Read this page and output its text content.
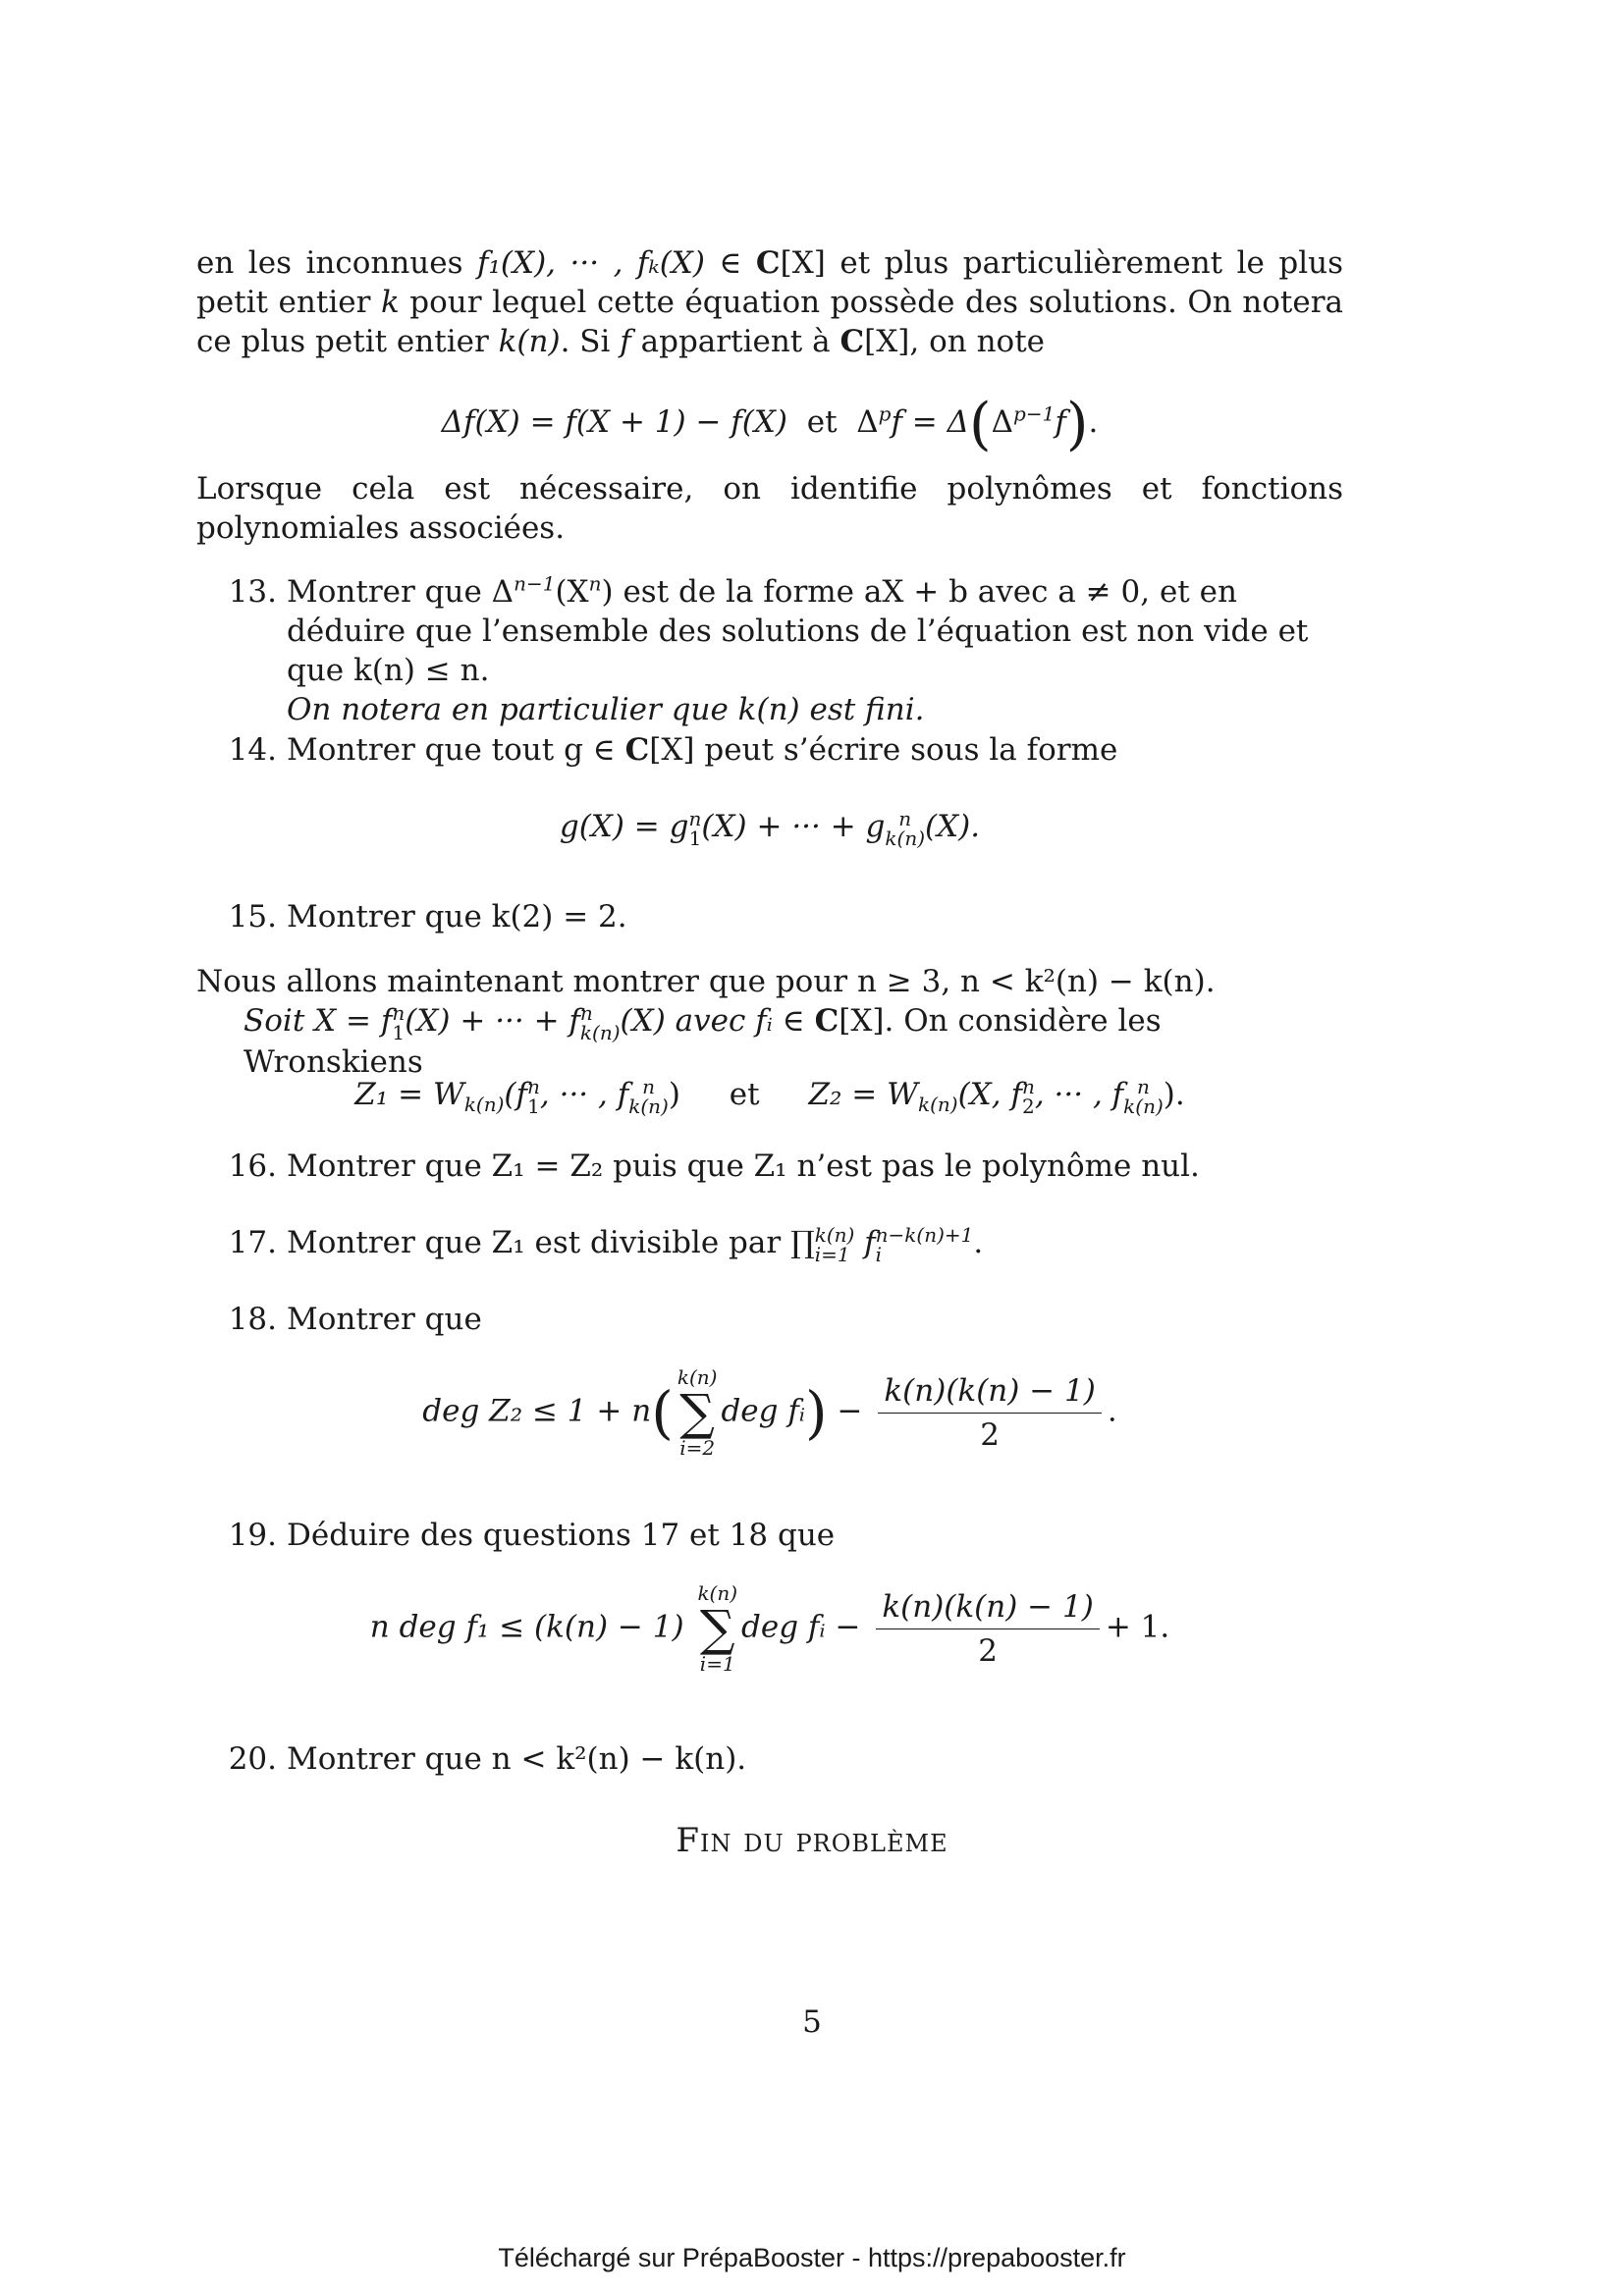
en les inconnues f₁(X), ··· , fₖ(X) ∈ C[X] et plus particulièrement le plus petit entier k pour lequel cette équation possède des solutions. On notera ce plus petit entier k(n). Si f appartient à C[X], on note
Δf(X) = f(X + 1) − f(X) et $\Delta^pf = \Delta(\Delta^{p-1}f)$.
Lorsque cela est nécessaire, on identifie polynômes et fonctions polynomiales associées.
13. Montrer que $\Delta^{n-1}(X^n)$ est de la forme aX + b avec a ≠ 0, et en déduire que l’ensemble des solutions de l’équation est non vide et que k(n) ≤ n.
On notera en particulier que k(n) est fini.
14. Montrer que tout g ∈ C[X] peut s’écrire sous la forme
g(X) = g n
1 (X) + ··· + g n
k(n) (X).
15. Montrer que k(2) = 2.
Nous allons maintenant montrer que pour n ≥ 3, n < k²(n) − k(n).
Soit X = f n
1 (X) + ··· + f n
k(n) (X) avec fᵢ ∈ C[X]. On considère les Wronskiens
$Z_1 = W_{k(n)}(f$ n
1 , ··· , f n
k(n) ) et $Z_2 = W_{k(n)}(X$, f n
2 , ··· , f n
k(n) ).
16. Montrer que Z₁ = Z₂ puis que Z₁ n’est pas le polynôme nul.
17. Montrer que Z₁ est divisible par ∏ k(n)
i=1 f n−k(n)+1
i	.
18. Montrer que
deg Z₂ ≤ 1 + n(
k(n)
∑
i=2
deg fᵢ) − $\frac{k(n)(k(n) - 1)}{2}$ .
19. Déduire des questions 17 et 18 que
n deg f₁ ≤ (k(n) − 1)
k(n)
∑
i=1
deg fᵢ − $\frac{k(n)(k(n) - 1)}{2} + 1$.
20. Montrer que n < k²(n) − k(n).
Fin du problème
5
Téléchargé sur PrépaBooster - https://prepabooster.fr
